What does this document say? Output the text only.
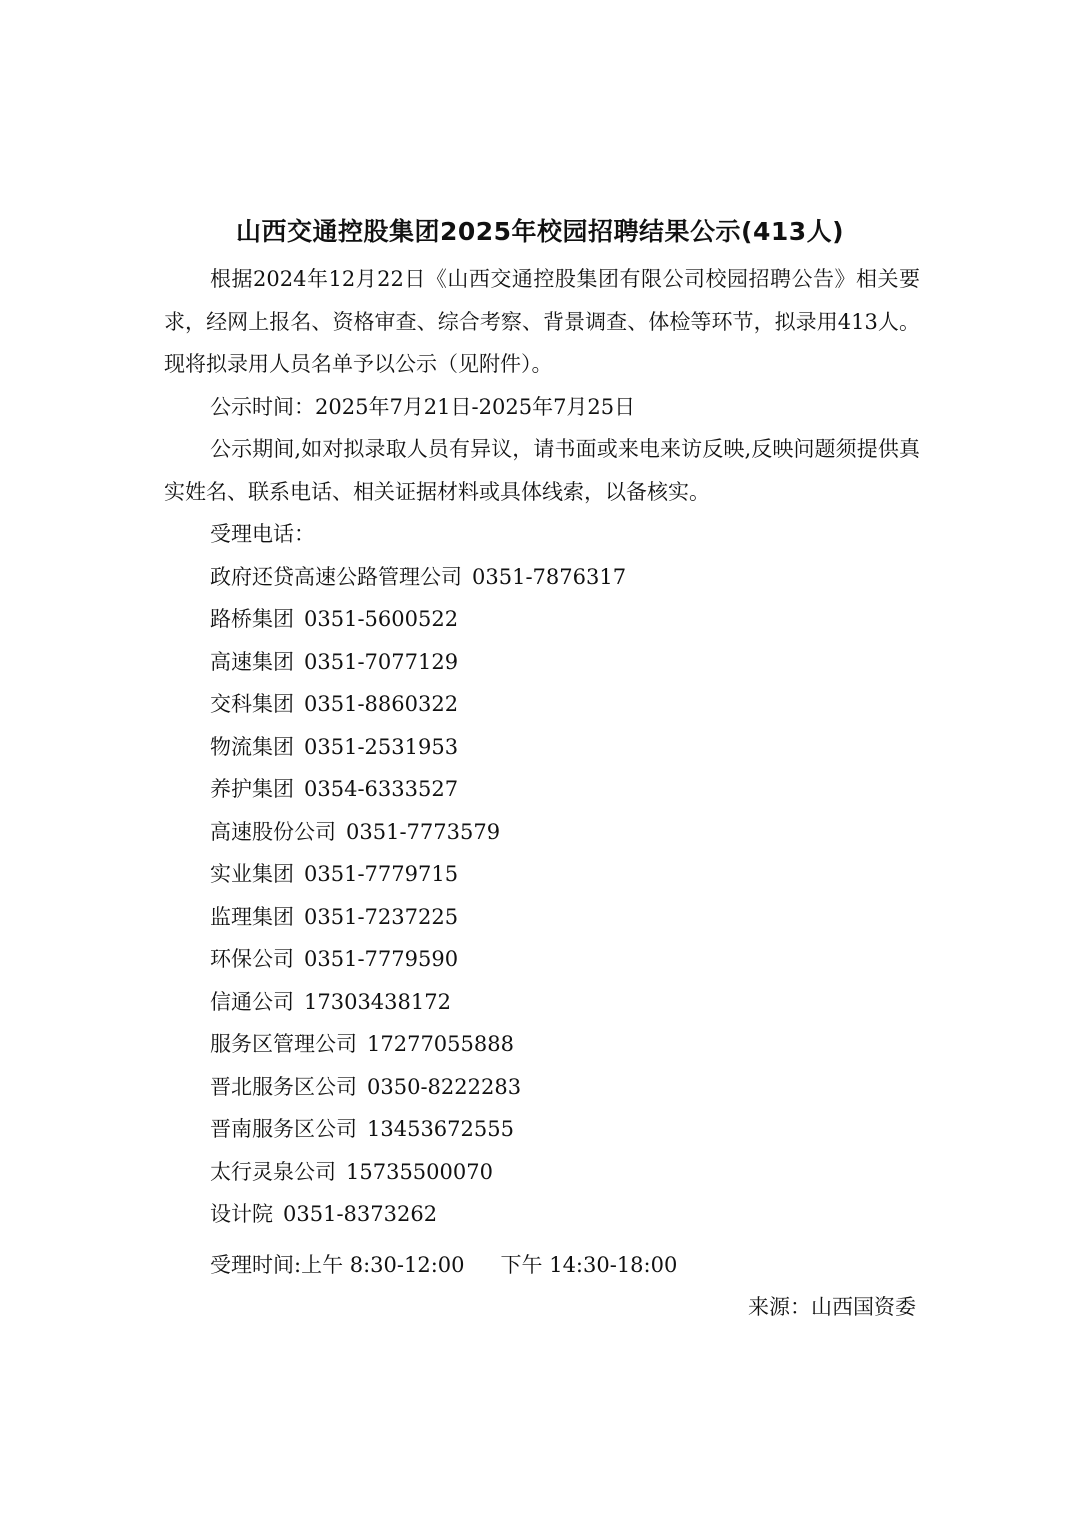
山西交通控股集团2025年校园招聘结果公示(413人)

根据2024年12月22日《山西交通控股集团有限公司校园招聘公告》相关要求，经网上报名、资格审查、综合考察、背景调查、体检等环节，拟录用413人。现将拟录用人员名单予以公示（见附件）。

公示时间：2025年7月21日-2025年7月25日

公示期间,如对拟录取人员有异议，请书面或来电来访反映,反映问题须提供真实姓名、联系电话、相关证据材料或具体线索，以备核实。

受理电话：

政府还贷高速公路管理公司 0351-7876317
路桥集团 0351-5600522
高速集团 0351-7077129
交科集团 0351-8860322
物流集团 0351-2531953
养护集团 0354-6333527
高速股份公司 0351-7773579
实业集团 0351-7779715
监理集团 0351-7237225
环保公司 0351-7779590
信通公司 17303438172
服务区管理公司 17277055888
晋北服务区公司 0350-8222283
晋南服务区公司 13453672555
太行灵泉公司 15735500070
设计院 0351-8373262

受理时间:上午 8:30-12:00 下午 14:30-18:00

来源：山西国资委
